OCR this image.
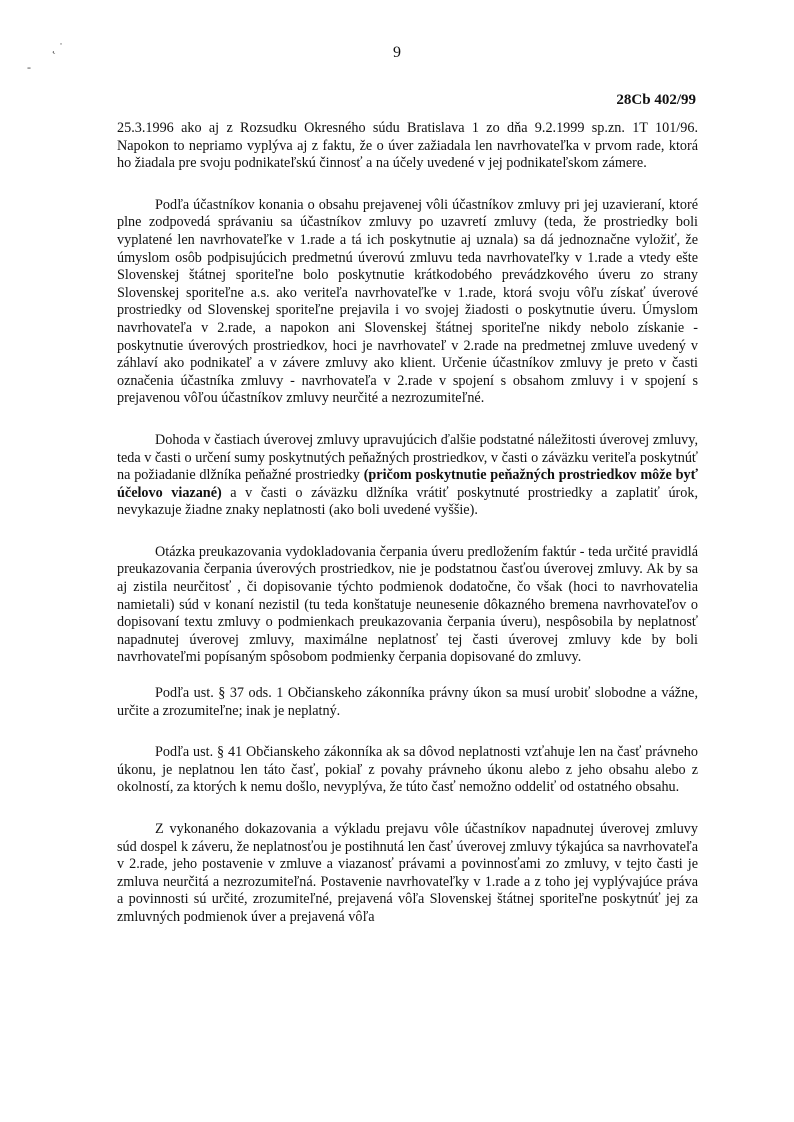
˛ ˙
-
9
28Cb 402/99

25.3.1996 ako aj z Rozsudku Okresného súdu Bratislava 1 zo dňa 9.2.1999 sp.zn. 1T 101/96. Napokon to nepriamo vyplýva aj z faktu, že o úver zažiadala len navrhovateľka v prvom rade, ktorá ho žiadala pre svoju podnikateľskú činnosť a na účely uvedené v jej podnikateľskom zámere.

Podľa účastníkov konania o obsahu prejavenej vôli účastníkov zmluvy pri jej uzavieraní, ktoré plne zodpovedá správaniu sa účastníkov zmluvy po uzavretí zmluvy (teda, že prostriedky boli vyplatené len navrhovateľke v 1.rade a tá ich poskytnutie aj uznala) sa dá jednoznačne vyložiť, že úmyslom osôb podpisujúcich predmetnú úverovú zmluvu teda navrhovateľky v 1.rade a vtedy ešte Slovenskej štátnej sporiteľne bolo poskytnutie krátkodobého prevádzkového úveru zo strany Slovenskej sporiteľne a.s. ako veriteľa navrhovateľke v 1.rade, ktorá svoju vôľu získať úverové prostriedky od Slovenskej sporiteľne prejavila i vo svojej žiadosti o poskytnutie úveru. Úmyslom navrhovateľa v 2.rade, a napokon ani Slovenskej štátnej sporiteľne nikdy nebolo získanie - poskytnutie úverových prostriedkov, hoci je navrhovateľ v 2.rade na predmetnej zmluve uvedený v záhlaví ako podnikateľ a v závere zmluvy ako klient. Určenie účastníkov zmluvy je preto v časti označenia účastníka zmluvy - navrhovateľa v 2.rade v spojení s obsahom zmluvy i v spojení s prejavenou vôľou účastníkov zmluvy neurčité a nezrozumiteľné.

Dohoda v častiach úverovej zmluvy upravujúcich ďalšie podstatné náležitosti úverovej zmluvy, teda v časti o určení sumy poskytnutých peňažných prostriedkov, v časti o záväzku veriteľa poskytnúť na požiadanie dlžníka peňažné prostriedky (pričom poskytnutie peňažných prostriedkov môže byť účelovo viazané) a v časti o záväzku dlžníka vrátiť poskytnuté prostriedky a zaplatiť úrok, nevykazuje žiadne znaky neplatnosti (ako boli uvedené vyššie).

Otázka preukazovania vydokladovania čerpania úveru predložením faktúr - teda určité pravidlá preukazovania čerpania úverových prostriedkov, nie je podstatnou časťou úverovej zmluvy. Ak by sa aj zistila neurčitosť , či dopisovanie týchto podmienok dodatočne, čo však (hoci to navrhovatelia namietali) súd v konaní nezistil (tu teda konštatuje neunesenie dôkazného bremena navrhovateľov o dopisovaní textu zmluvy o podmienkach preukazovania čerpania úveru), nespôsobila by neplatnosť napadnutej úverovej zmluvy, maximálne neplatnosť tej časti úverovej zmluvy kde by boli navrhovateľmi popísaným spôsobom podmienky čerpania dopisované do zmluvy.

Podľa ust. § 37 ods. 1 Občianskeho zákonníka právny úkon sa musí urobiť slobodne a vážne, určite a zrozumiteľne; inak je neplatný.

Podľa ust. § 41 Občianskeho zákonníka ak sa dôvod neplatnosti vzťahuje len na časť právneho úkonu, je neplatnou len táto časť, pokiaľ z povahy právneho úkonu alebo z jeho obsahu alebo z okolností, za ktorých k nemu došlo, nevyplýva, že túto časť nemožno oddeliť od ostatného obsahu.

Z vykonaného dokazovania a výkladu prejavu vôle účastníkov napadnutej úverovej zmluvy súd dospel k záveru, že neplatnosťou je postihnutá len časť úverovej zmluvy týkajúca sa navrhovateľa v 2.rade, jeho postavenie v zmluve a viazanosť právami a povinnosťami zo zmluvy, v tejto časti je zmluva neurčitá a nezrozumiteľná. Postavenie navrhovateľky v 1.rade a z toho jej vyplývajúce práva a povinnosti sú určité, zrozumiteľné, prejavená vôľa Slovenskej štátnej sporiteľne poskytnúť jej za zmluvných podmienok úver a prejavená vôľa
